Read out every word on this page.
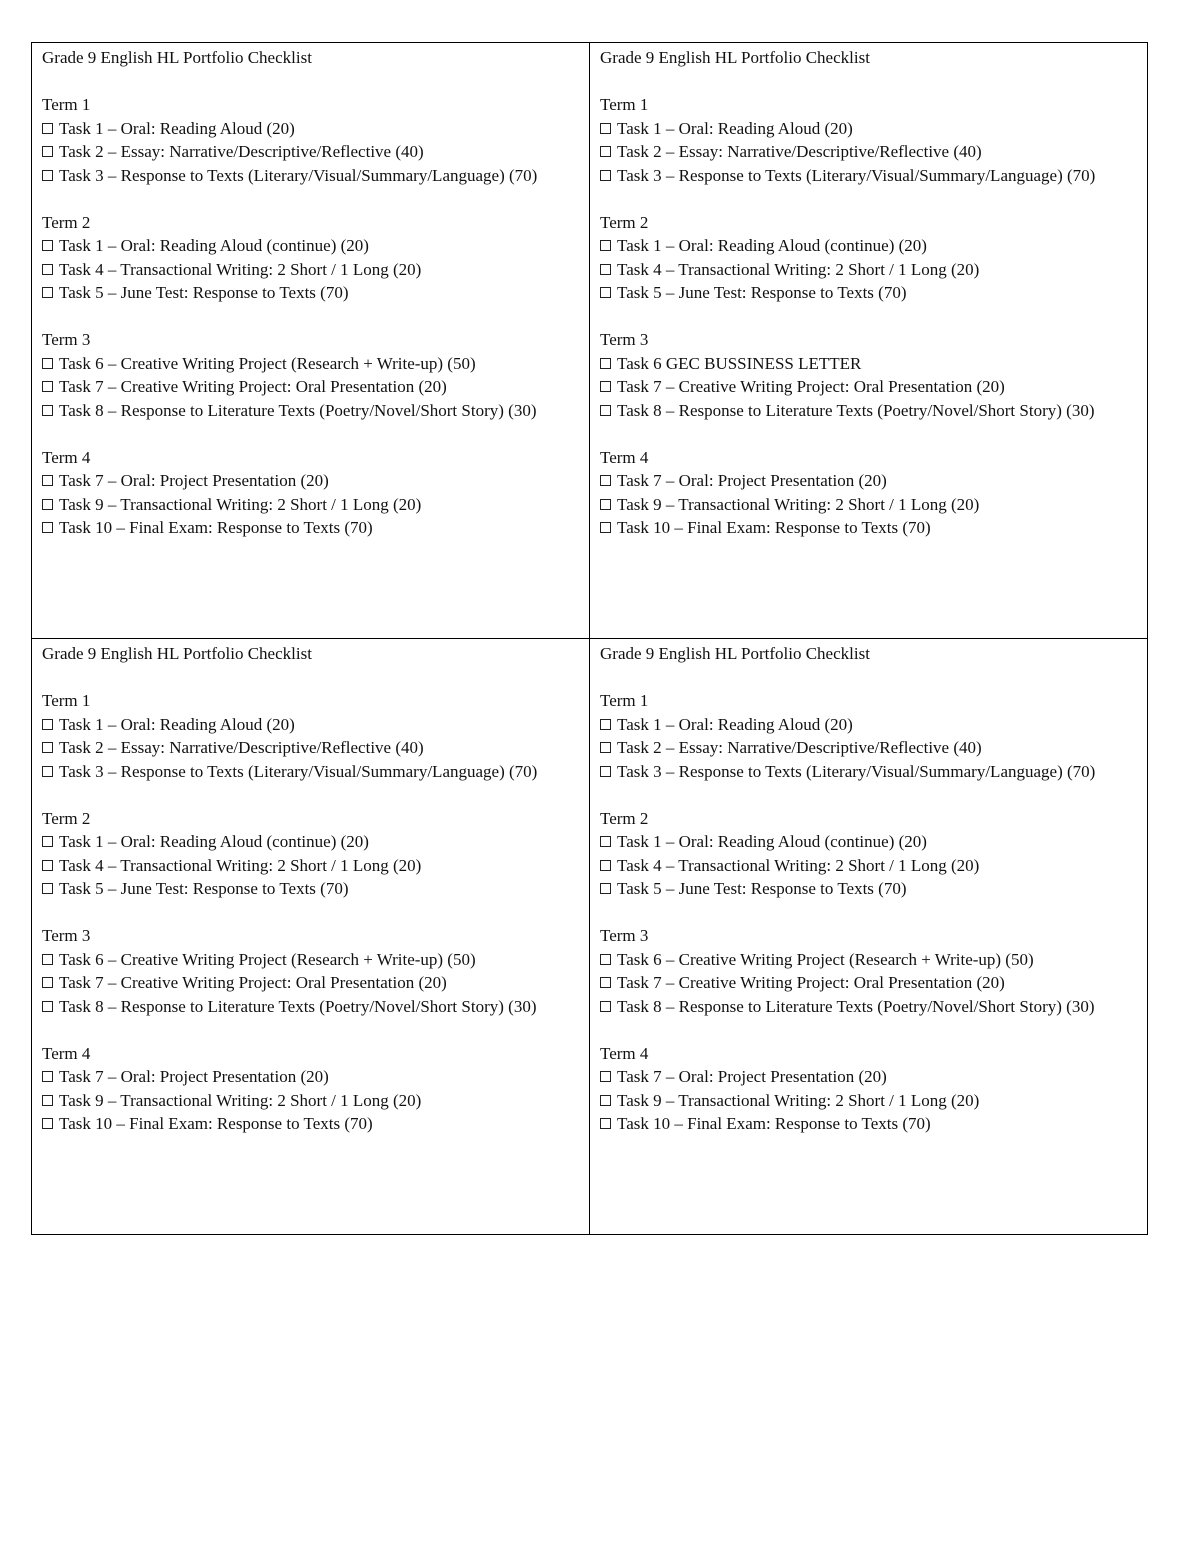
Grade 9 English HL Portfolio Checklist
Term 1
Task 1 – Oral: Reading Aloud (20)
Task 2 – Essay: Narrative/Descriptive/Reflective (40)
Task 3 – Response to Texts (Literary/Visual/Summary/Language) (70)
Term 2
Task 1 – Oral: Reading Aloud (continue) (20)
Task 4 – Transactional Writing: 2 Short / 1 Long (20)
Task 5 – June Test: Response to Texts (70)
Term 3
Task 6 – Creative Writing Project (Research + Write-up) (50)
Task 7 – Creative Writing Project: Oral Presentation (20)
Task 8 – Response to Literature Texts (Poetry/Novel/Short Story) (30)
Term 4
Task 7 – Oral: Project Presentation (20)
Task 9 – Transactional Writing: 2 Short / 1 Long (20)
Task 10 – Final Exam: Response to Texts (70)
Grade 9 English HL Portfolio Checklist
Term 1
Task 1 – Oral: Reading Aloud (20)
Task 2 – Essay: Narrative/Descriptive/Reflective (40)
Task 3 – Response to Texts (Literary/Visual/Summary/Language) (70)
Term 2
Task 1 – Oral: Reading Aloud (continue) (20)
Task 4 – Transactional Writing: 2 Short / 1 Long (20)
Task 5 – June Test: Response to Texts (70)
Term 3
Task 6 GEC BUSSINESS LETTER
Task 7 – Creative Writing Project: Oral Presentation (20)
Task 8 – Response to Literature Texts (Poetry/Novel/Short Story) (30)
Term 4
Task 7 – Oral: Project Presentation (20)
Task 9 – Transactional Writing: 2 Short / 1 Long (20)
Task 10 – Final Exam: Response to Texts (70)
Grade 9 English HL Portfolio Checklist
Term 1
Task 1 – Oral: Reading Aloud (20)
Task 2 – Essay: Narrative/Descriptive/Reflective (40)
Task 3 – Response to Texts (Literary/Visual/Summary/Language) (70)
Term 2
Task 1 – Oral: Reading Aloud (continue) (20)
Task 4 – Transactional Writing: 2 Short / 1 Long (20)
Task 5 – June Test: Response to Texts (70)
Term 3
Task 6 – Creative Writing Project (Research + Write-up) (50)
Task 7 – Creative Writing Project: Oral Presentation (20)
Task 8 – Response to Literature Texts (Poetry/Novel/Short Story) (30)
Term 4
Task 7 – Oral: Project Presentation (20)
Task 9 – Transactional Writing: 2 Short / 1 Long (20)
Task 10 – Final Exam: Response to Texts (70)
Grade 9 English HL Portfolio Checklist
Term 1
Task 1 – Oral: Reading Aloud (20)
Task 2 – Essay: Narrative/Descriptive/Reflective (40)
Task 3 – Response to Texts (Literary/Visual/Summary/Language) (70)
Term 2
Task 1 – Oral: Reading Aloud (continue) (20)
Task 4 – Transactional Writing: 2 Short / 1 Long (20)
Task 5 – June Test: Response to Texts (70)
Term 3
Task 6 – Creative Writing Project (Research + Write-up) (50)
Task 7 – Creative Writing Project: Oral Presentation (20)
Task 8 – Response to Literature Texts (Poetry/Novel/Short Story) (30)
Term 4
Task 7 – Oral: Project Presentation (20)
Task 9 – Transactional Writing: 2 Short / 1 Long (20)
Task 10 – Final Exam: Response to Texts (70)
